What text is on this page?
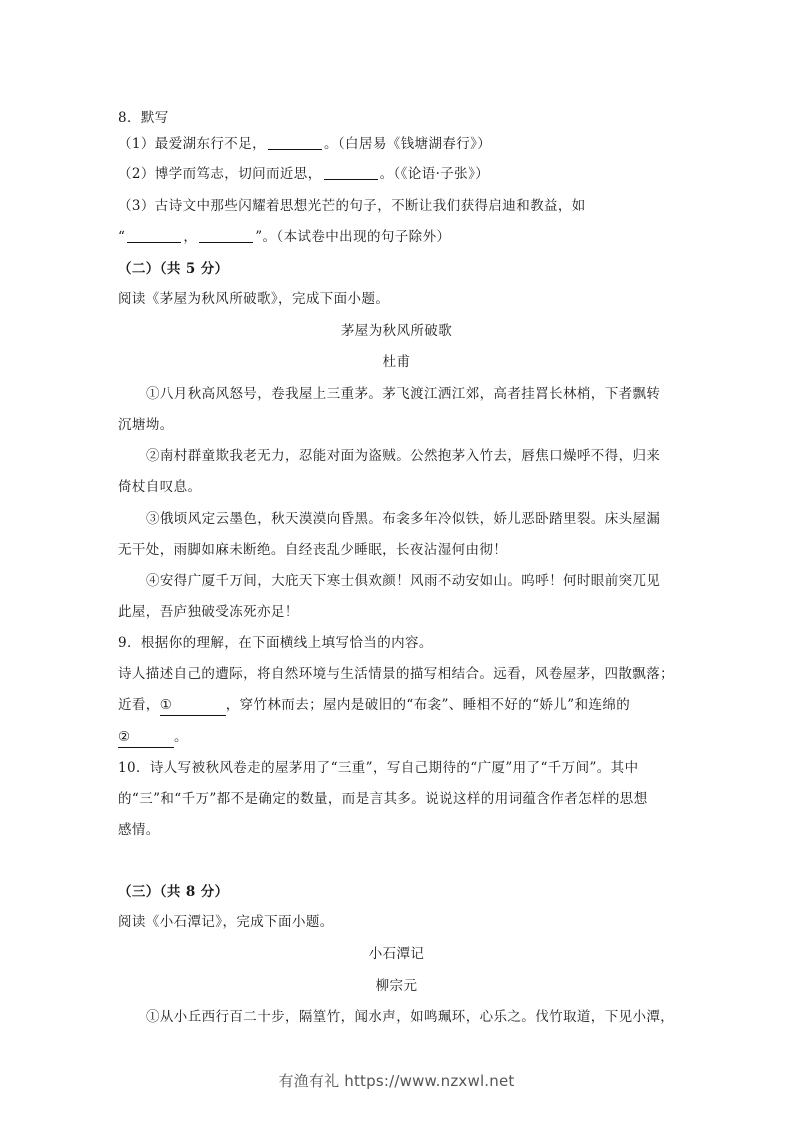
8．默写
（1）最爱湖东行不足，	。（白居易《钱塘湖春行》）
（2）博学而笃志，切问而近思，	。（《论语·子张》）
（3）古诗文中那些闪耀着思想光芒的句子，不断让我们获得启迪和教益，如
“	，	”。（本试卷中出现的句子除外）
（二）（共 5 分）
阅读《茅屋为秋风所破歌》，完成下面小题。
茅屋为秋风所破歌
杜甫
①八月秋高风怒号，卷我屋上三重茅。茅飞渡江洒江郊，高者挂罥长林梢，下者飘转
沉塘坳。
②南村群童欺我老无力，忍能对面为盗贼。公然抱茅入竹去，唇焦口燥呼不得，归来
倚杖自叹息。
③俄顷风定云墨色，秋天漠漠向昏黑。布衾多年冷似铁，娇儿恶卧踏里裂。床头屋漏
无干处，雨脚如麻未断绝。自经丧乱少睡眠，长夜沾湿何由彻！
④安得广厦千万间，大庇天下寒士俱欢颜！风雨不动安如山。呜呼！何时眼前突兀见
此屋，吾庐独破受冻死亦足！
9．根据你的理解，在下面横线上填写恰当的内容。
诗人描述自己的遭际，将自然环境与生活情景的描写相结合。远看，风卷屋茅，四散飘落；
近看，①	，穿竹林而去；屋内是破旧的“布衾”、睡相不好的“娇儿”和连绵的
②	。
10．诗人写被秋风卷走的屋茅用了“三重”，写自己期待的“广厦”用了“千万间”。其中
的“三”和“千万”都不是确定的数量，而是言其多。说说这样的用词蕴含作者怎样的思想
感情。
（三）（共 8 分）
阅读《小石潭记》，完成下面小题。
小石潭记
柳宗元
①从小丘西行百二十步，隔篁竹，闻水声，如鸣珮环，心乐之。伐竹取道，下见小潭，
有渔有礼 https://www.nzxwl.net
